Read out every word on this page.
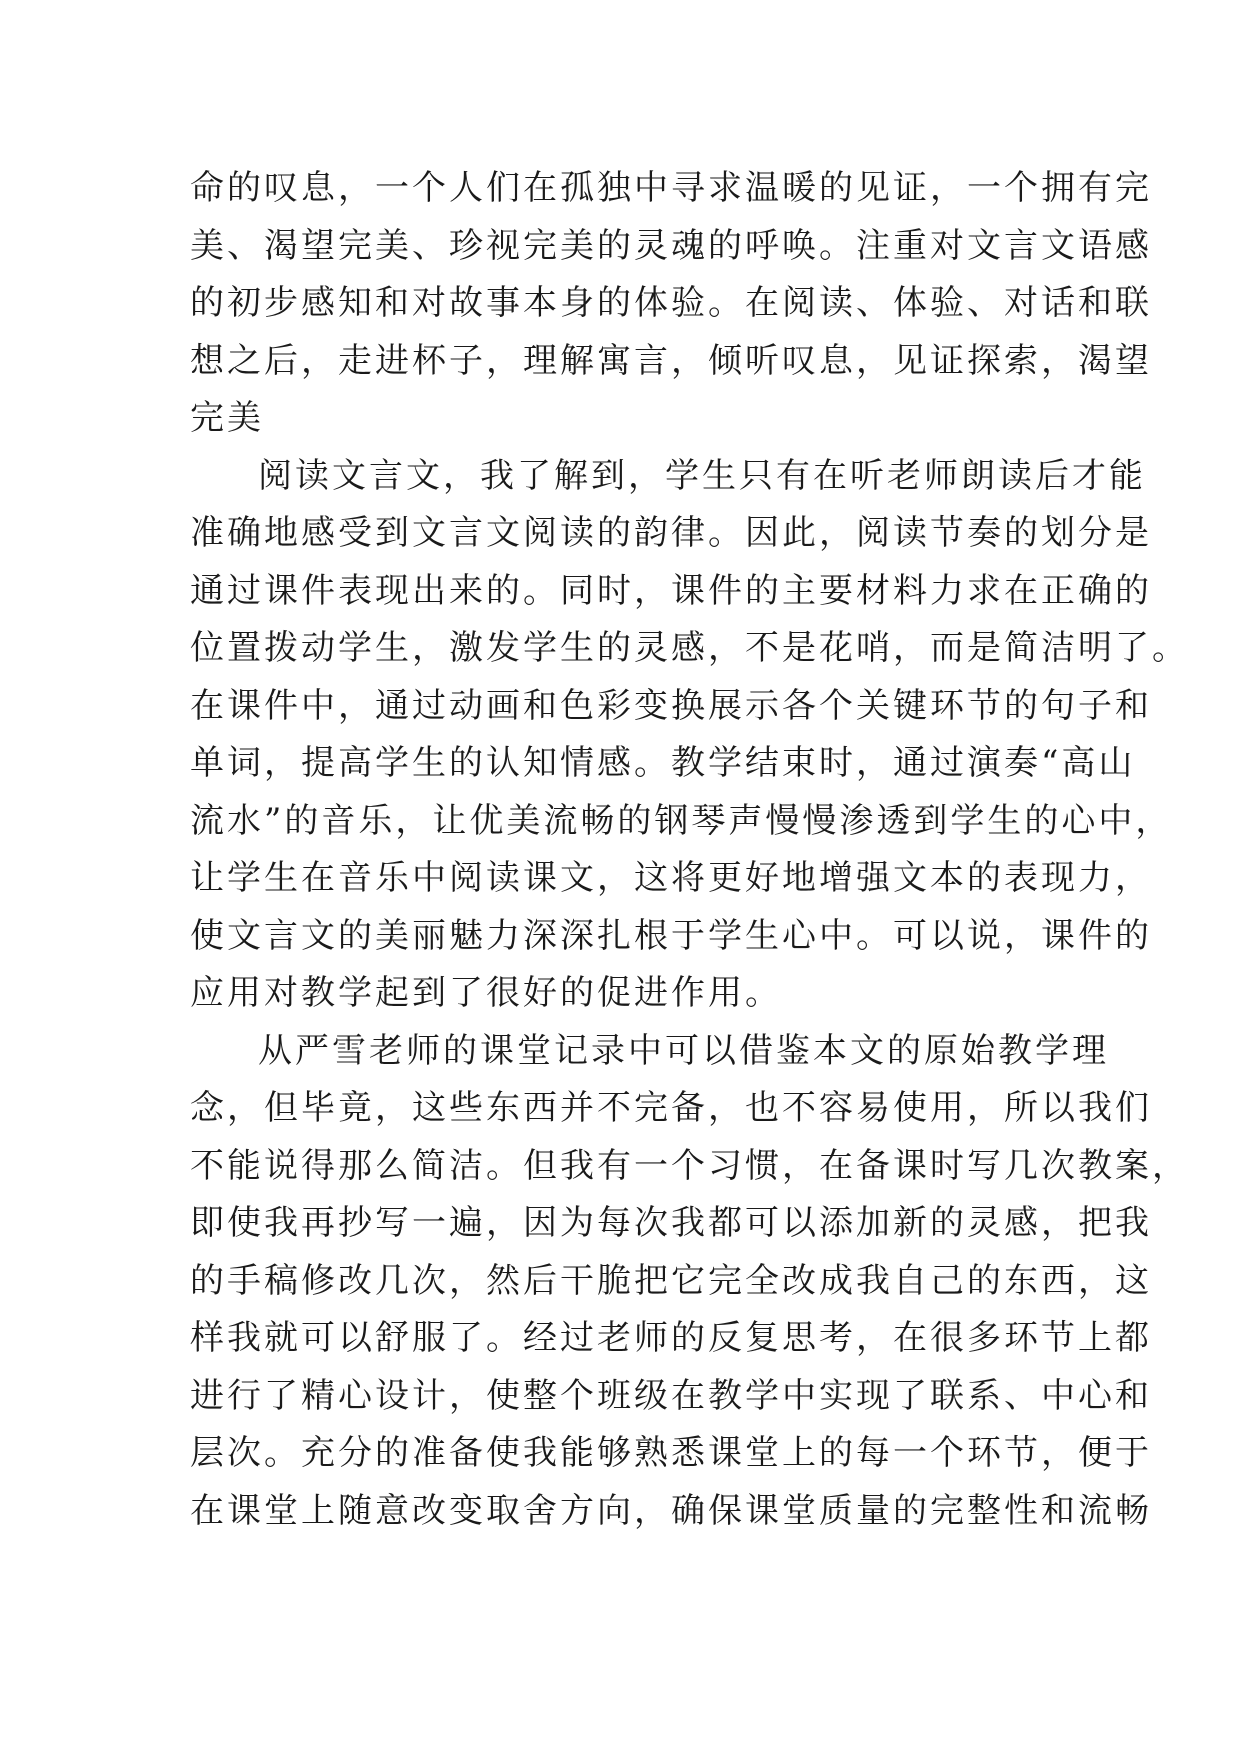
命的叹息，一个人们在孤独中寻求温暖的见证，一个拥有完
美、渴望完美、珍视完美的灵魂的呼唤。注重对文言文语感
的初步感知和对故事本身的体验。在阅读、体验、对话和联
想之后，走进杯子，理解寓言，倾听叹息，见证探索，渴望
完美
阅读文言文，我了解到，学生只有在听老师朗读后才能
准确地感受到文言文阅读的韵律。因此，阅读节奏的划分是
通过课件表现出来的。同时，课件的主要材料力求在正确的
位置拨动学生，激发学生的灵感，不是花哨，而是简洁明了。
在课件中，通过动画和色彩变换展示各个关键环节的句子和
单词，提高学生的认知情感。教学结束时，通过演奏“高山
流水”的音乐，让优美流畅的钢琴声慢慢渗透到学生的心中，
让学生在音乐中阅读课文，这将更好地增强文本的表现力，
使文言文的美丽魅力深深扎根于学生心中。可以说，课件的
应用对教学起到了很好的促进作用。
从严雪老师的课堂记录中可以借鉴本文的原始教学理
念，但毕竟，这些东西并不完备，也不容易使用，所以我们
不能说得那么简洁。但我有一个习惯，在备课时写几次教案，
即使我再抄写一遍，因为每次我都可以添加新的灵感，把我
的手稿修改几次，然后干脆把它完全改成我自己的东西，这
样我就可以舒服了。经过老师的反复思考，在很多环节上都
进行了精心设计，使整个班级在教学中实现了联系、中心和
层次。充分的准备使我能够熟悉课堂上的每一个环节，便于
在课堂上随意改变取舍方向，确保课堂质量的完整性和流畅
